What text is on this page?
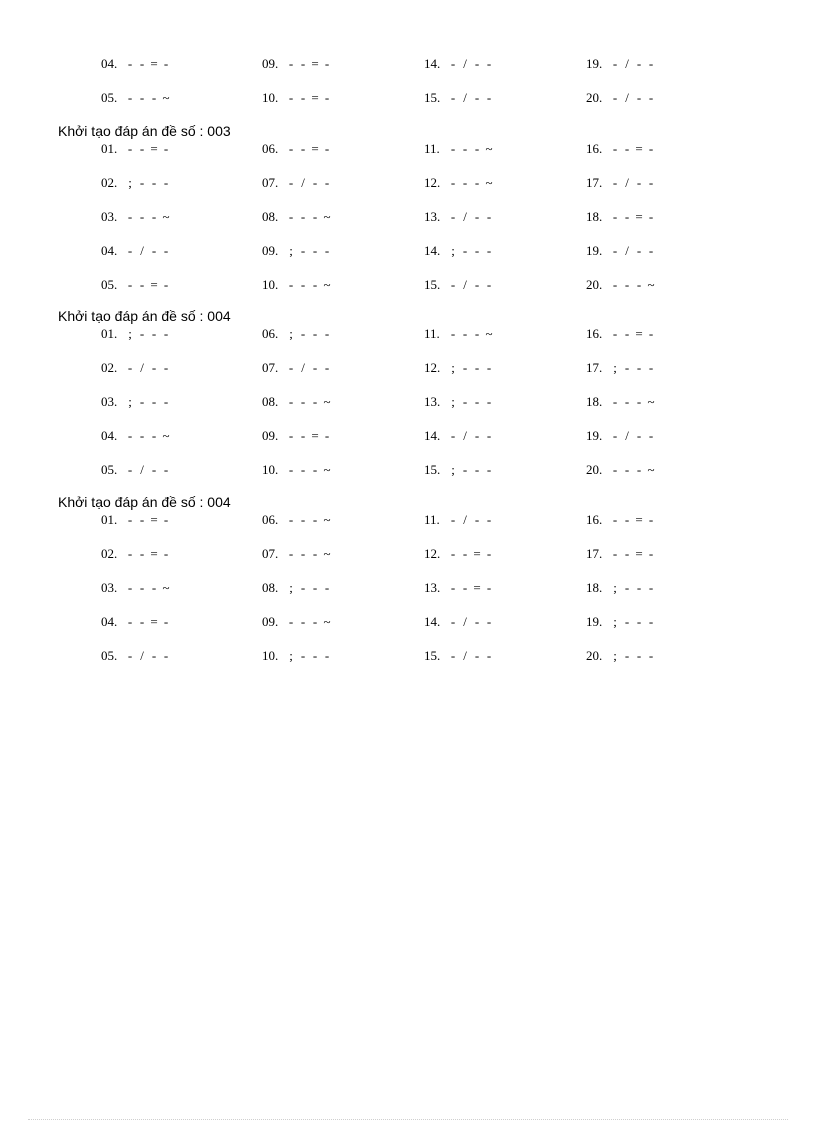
04. - - = -	09. - - = -	14. - / - -	19. - / - -
05. - - - ~	10. - - = -	15. - / - -	20. - / - -
Khởi tạo đáp án đề số : 003
01. - - = -	06. - - = -	11. - - - ~	16. - - = -
02. ; - - -	07. - / - -	12. - - - ~	17. - / - -
03. - - - ~	08. - - - ~	13. - / - -	18. - - = -
04. - / - -	09. ; - - -	14. ; - - -	19. - / - -
05. - - = -	10. - - - ~	15. - / - -	20. - - - ~
Khởi tạo đáp án đề số : 004
01. ; - - -	06. ; - - -	11. - - - ~	16. - - = -
02. - / - -	07. - / - -	12. ; - - -	17. ; - - -
03. ; - - -	08. - - - ~	13. ; - - -	18. - - - ~
04. - - - ~	09. - - = -	14. - / - -	19. - / - -
05. - / - -	10. - - - ~	15. ; - - -	20. - - - ~
Khởi tạo đáp án đề số : 004
01. - - = -	06. - - - ~	11. - / - -	16. - - = -
02. - - = -	07. - - - ~	12. - - = -	17. - - = -
03. - - - ~	08. ; - - -	13. - - = -	18. ; - - -
04. - - = -	09. - - - ~	14. - / - -	19. ; - - -
05. - / - -	10. ; - - -	15. - / - -	20. ; - - -
